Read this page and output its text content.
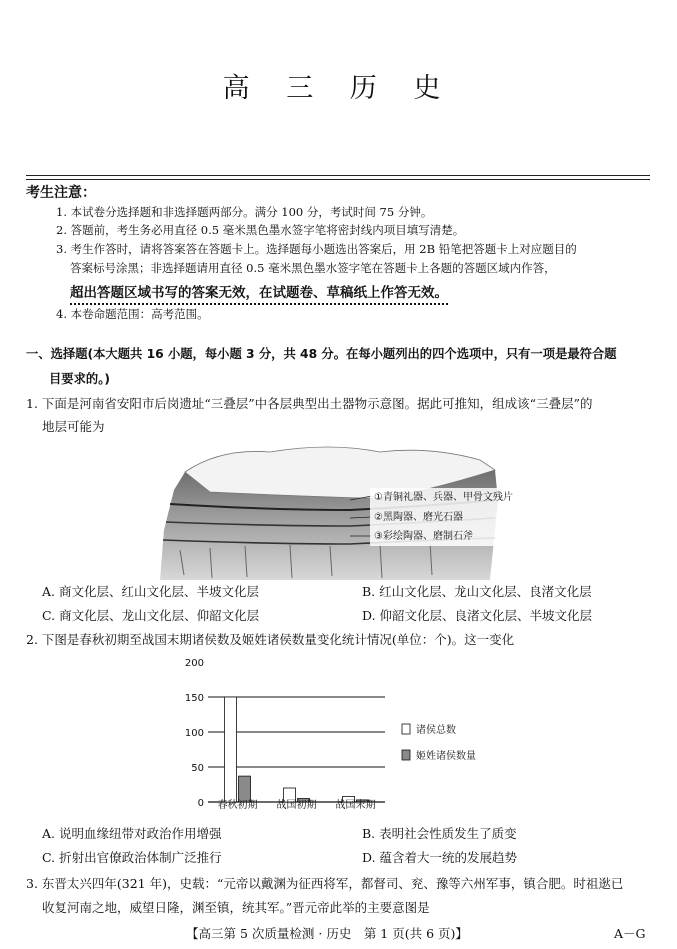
高 三 历 史
考生注意：
1. 本试卷分选择题和非选择题两部分。满分 100 分，考试时间 75 分钟。
2. 答题前，考生务必用直径 0.5 毫米黑色墨水签字笔将密封线内项目填写清楚。
3. 考生作答时，请将答案答在答题卡上。选择题每小题选出答案后，用 2B 铅笔把答题卡上对应题目的
答案标号涂黑；非选择题请用直径 0.5 毫米黑色墨水签字笔在答题卡上各题的答题区域内作答，
超出答题区域书写的答案无效，在试题卷、草稿纸上作答无效。
4. 本卷命题范围：高考范围。
一、选择题(本大题共 16 小题，每小题 3 分，共 48 分。在每小题列出的四个选项中，只有一项是最符合题
目要求的。)
1. 下面是河南省安阳市后岗遗址“三叠层”中各层典型出土器物示意图。据此可推知，组成该“三叠层”的
地层可能为
①青铜礼器、兵器、甲骨文残片
②黑陶器、磨光石器
③彩绘陶器、磨制石斧
A. 商文化层、红山文化层、半坡文化层	B. 红山文化层、龙山文化层、良渚文化层
C. 商文化层、龙山文化层、仰韶文化层	D. 仰韶文化层、良渚文化层、半坡文化层
2. 下图是春秋初期至战国末期诸侯数及姬姓诸侯数量变化统计情况(单位：个)。这一变化
0
50
100
150
200
春秋初期 战国初期 战国末期
诸侯总数
姬姓诸侯数量
A. 说明血缘纽带对政治作用增强	B. 表明社会性质发生了质变
C. 折射出官僚政治体制广泛推行	D. 蕴含着大一统的发展趋势
3. 东晋太兴四年(321 年)，史载：“元帝以戴渊为征西将军，都督司、兖、豫等六州军事，镇合肥。时祖逖已
收复河南之地，威望日隆，渊至镇，统其军。”晋元帝此举的主要意图是
【高三第 5 次质量检测 · 历史　第 1 页(共 6 页)】	A－G
